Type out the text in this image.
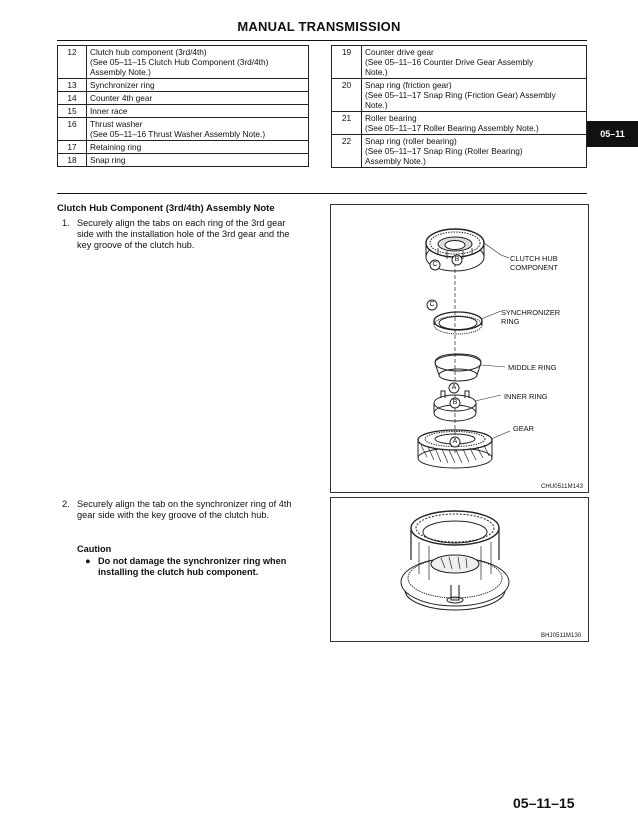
MANUAL TRANSMISSION
12	Clutch hub component (3rd/4th)
(See 05–11–15 Clutch Hub Component (3rd/4th)
Assembly Note.)

13	Synchronizer ring

14	Counter 4th gear

15	Inner race

16	Thrust washer
(See 05–11–16 Thrust Washer Assembly Note.)

17	Retaining ring

18	Snap ring
19	Counter drive gear
(See 05–11–16 Counter Drive Gear Assembly
Note.)

20	Snap ring (friction gear)
(See 05–11–17 Snap Ring (Friction Gear) Assembly
Note.)

21	Roller bearing
(See 05–11–17 Roller Bearing Assembly Note.)

22	Snap ring (roller bearing)
(See 05–11–17 Snap Ring (Roller Bearing)
Assembly Note.)
05–11
Clutch Hub Component (3rd/4th) Assembly Note
1. Securely align the tabs on each ring of the 3rd gear side with the installation hole of the 3rd gear and the key groove of the clutch hub.
C
B
C
A
B
A
CLUTCH HUB
COMPONENT
SYNCHRONIZER
RING
MIDDLE RING
INNER RING
GEAR
CHU0511M143
2. Securely align the tab on the synchronizer ring of 4th gear side with the key groove of the clutch hub.
Caution
● Do not damage the synchronizer ring when installing the clutch hub component.
BHJ0511M130
05–11–15
